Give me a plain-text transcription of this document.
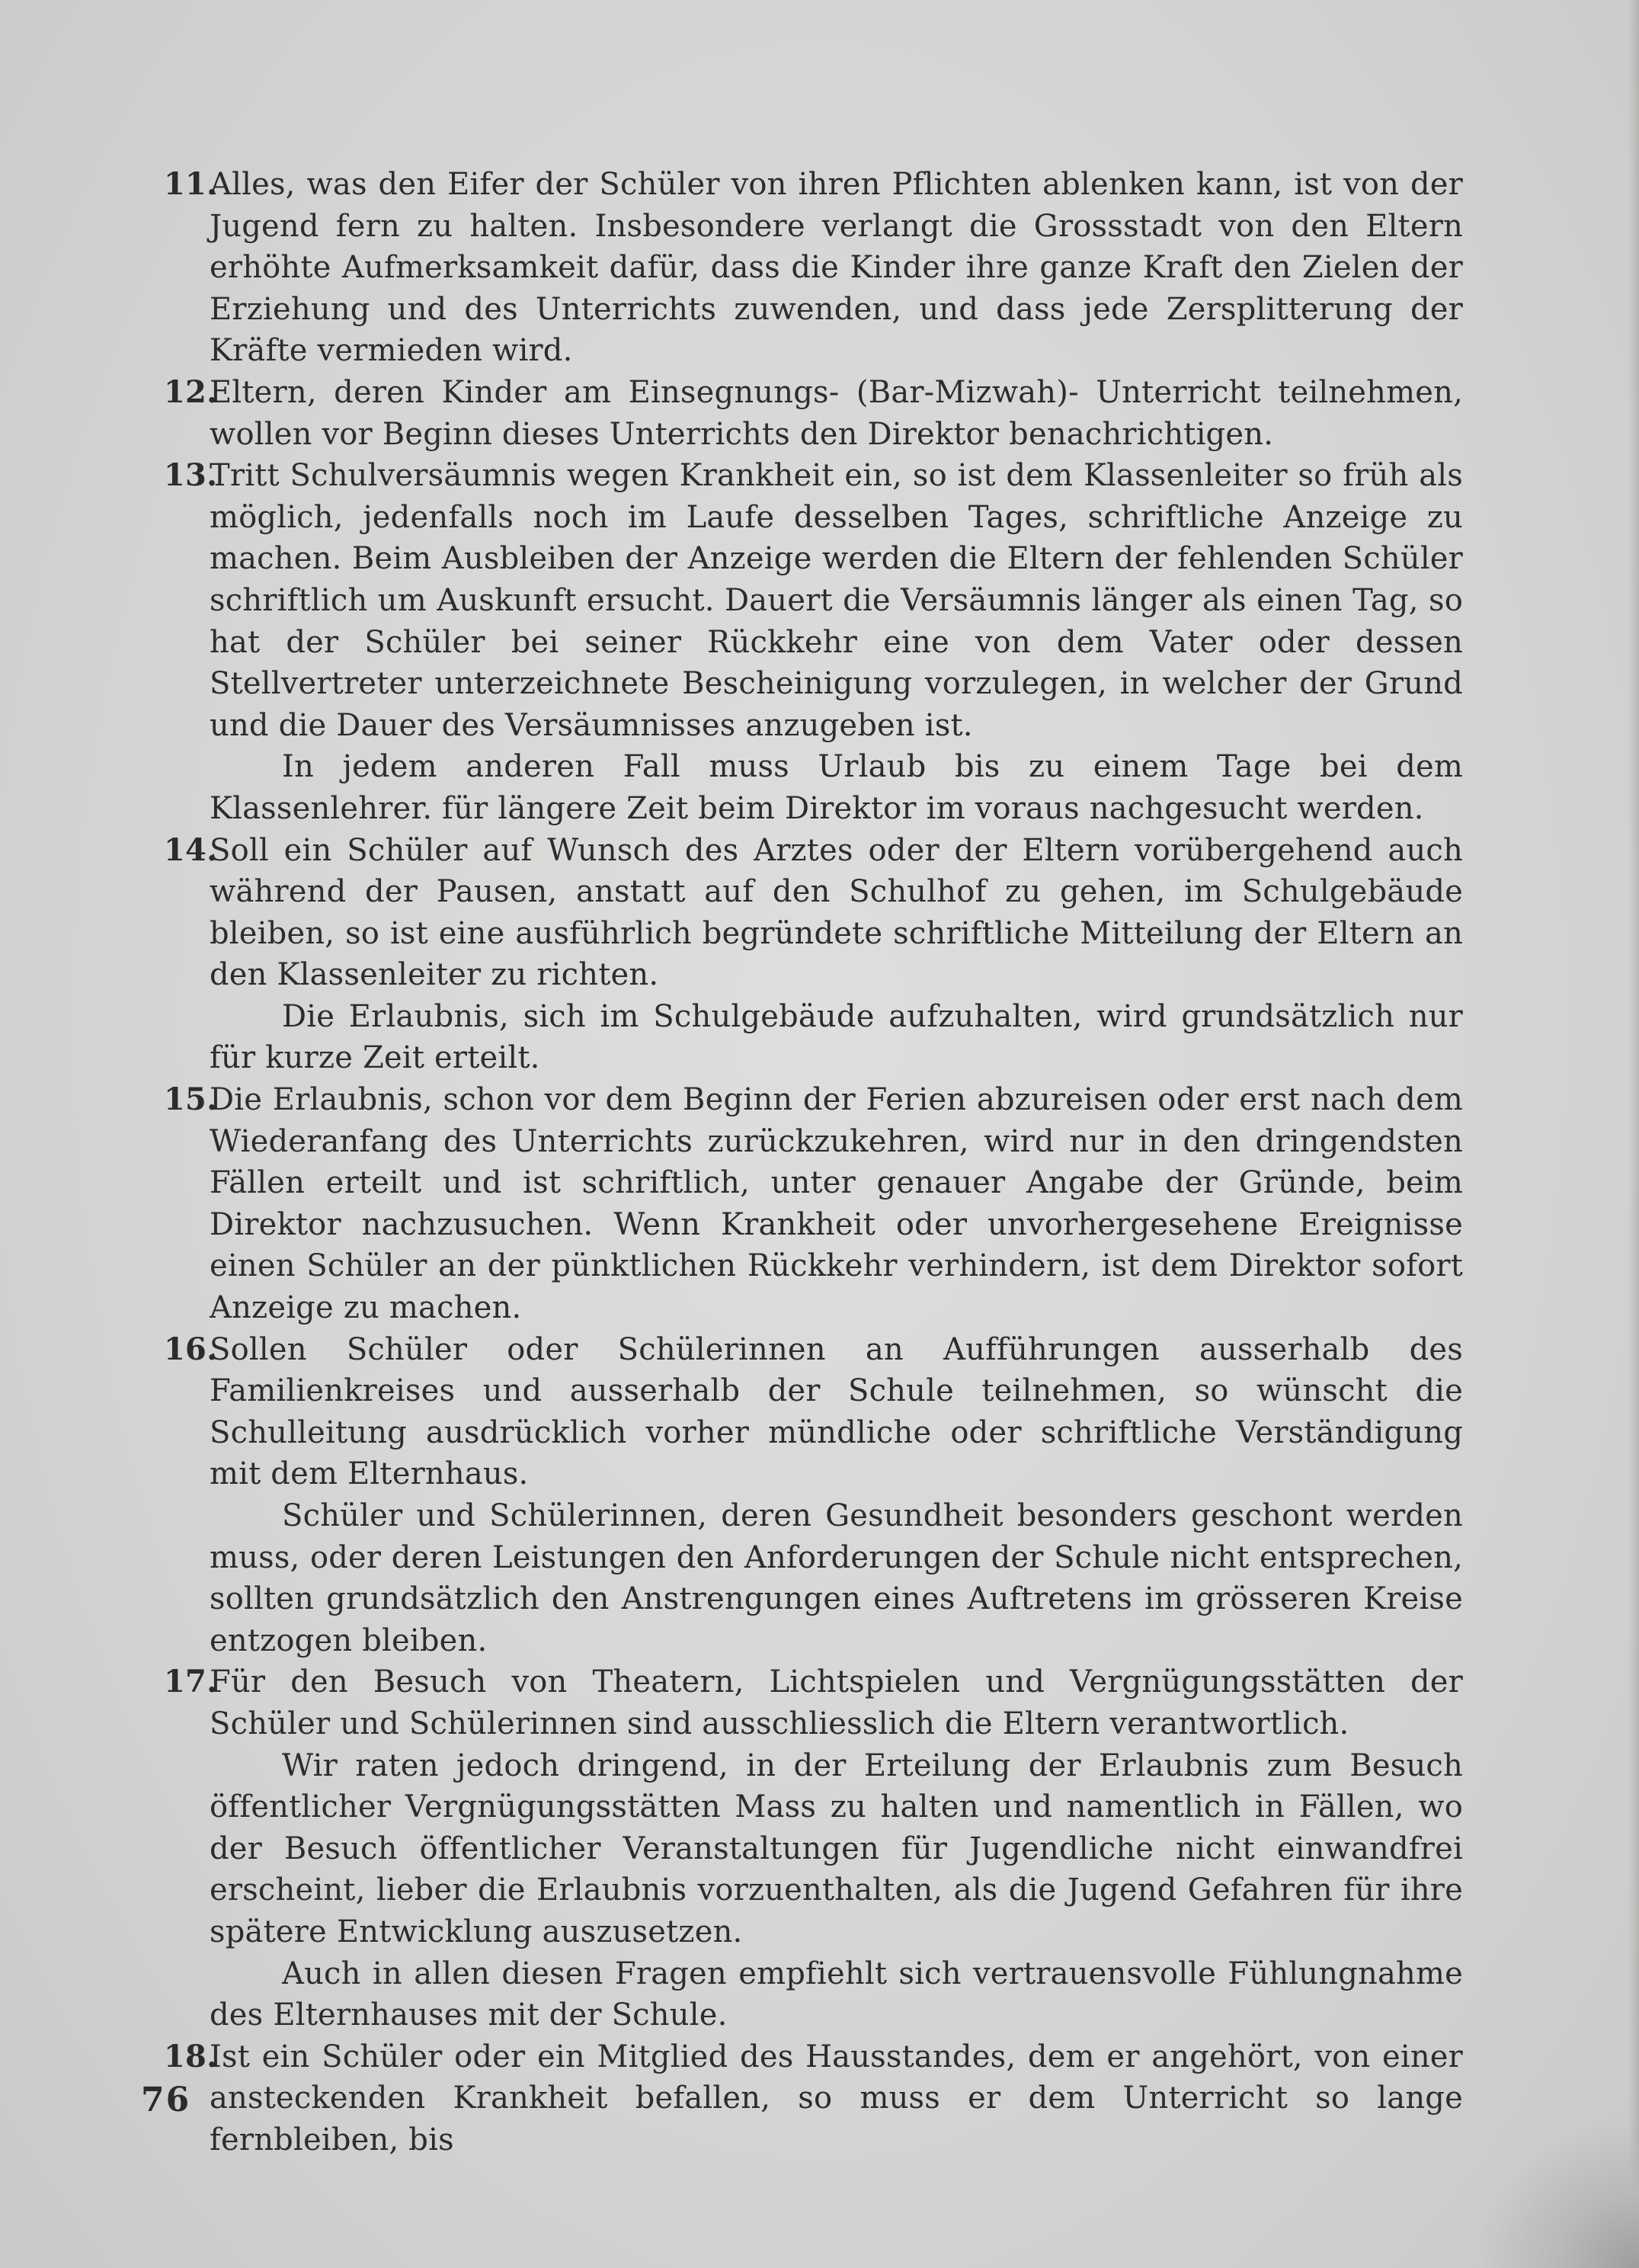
11.

Alles, was den Eifer der Schüler von ihren Pflichten ablenken kann, ist von der Jugend fern zu halten. Insbesondere verlangt die Grossstadt von den Eltern erhöhte Aufmerksamkeit dafür, dass die Kinder ihre ganze Kraft den Zielen der Erziehung und des Unterrichts zuwenden, und dass jede Zersplitterung der Kräfte vermieden wird.

12.

Eltern, deren Kinder am Einsegnungs- (Bar-Mizwah)- Unterricht teilnehmen, wollen vor Beginn dieses Unterrichts den Direktor benachrichtigen.

13.

Tritt Schulversäumnis wegen Krankheit ein, so ist dem Klassenleiter so früh als möglich, jedenfalls noch im Laufe desselben Tages, schriftliche Anzeige zu machen. Beim Ausbleiben der Anzeige werden die Eltern der fehlenden Schüler schriftlich um Auskunft ersucht. Dauert die Versäumnis länger als einen Tag, so hat der Schüler bei seiner Rückkehr eine von dem Vater oder dessen Stellvertreter unterzeichnete Bescheinigung vorzulegen, in welcher der Grund und die Dauer des Versäumnisses anzugeben ist.

In jedem anderen Fall muss Urlaub bis zu einem Tage bei dem Klassenlehrer. für längere Zeit beim Direktor im voraus nachgesucht werden.

14.

Soll ein Schüler auf Wunsch des Arztes oder der Eltern vorübergehend auch während der Pausen, anstatt auf den Schulhof zu gehen, im Schulgebäude bleiben, so ist eine ausführlich begründete schriftliche Mitteilung der Eltern an den Klassenleiter zu richten.

Die Erlaubnis, sich im Schulgebäude aufzuhalten, wird grundsätzlich nur für kurze Zeit erteilt.

15.

Die Erlaubnis, schon vor dem Beginn der Ferien abzureisen oder erst nach dem Wiederanfang des Unterrichts zurückzukehren, wird nur in den dringendsten Fällen erteilt und ist schriftlich, unter genauer Angabe der Gründe, beim Direktor nachzusuchen. Wenn Krankheit oder unvorhergesehene Ereignisse einen Schüler an der pünktlichen Rückkehr verhindern, ist dem Direktor sofort Anzeige zu machen.

16.

Sollen Schüler oder Schülerinnen an Aufführungen ausserhalb des Familienkreises und ausserhalb der Schule teilnehmen, so wünscht die Schulleitung ausdrücklich vorher mündliche oder schriftliche Verständigung mit dem Elternhaus.

Schüler und Schülerinnen, deren Gesundheit besonders geschont werden muss, oder deren Leistungen den Anforderungen der Schule nicht entsprechen, sollten grundsätzlich den Anstrengungen eines Auftretens im grösseren Kreise entzogen bleiben.

17.

Für den Besuch von Theatern, Lichtspielen und Vergnügungsstätten der Schüler und Schülerinnen sind ausschliesslich die Eltern verantwortlich.

Wir raten jedoch dringend, in der Erteilung der Erlaubnis zum Besuch öffentlicher Vergnügungsstätten Mass zu halten und namentlich in Fällen, wo der Besuch öffentlicher Veranstaltungen für Jugendliche nicht einwandfrei erscheint, lieber die Erlaubnis vorzuenthalten, als die Jugend Gefahren für ihre spätere Entwicklung auszusetzen.

Auch in allen diesen Fragen empfiehlt sich vertrauensvolle Fühlungnahme des Elternhauses mit der Schule.

18.

Ist ein Schüler oder ein Mitglied des Hausstandes, dem er angehört, von einer ansteckenden Krankheit befallen, so muss er dem Unterricht so lange fernbleiben, bis

76
